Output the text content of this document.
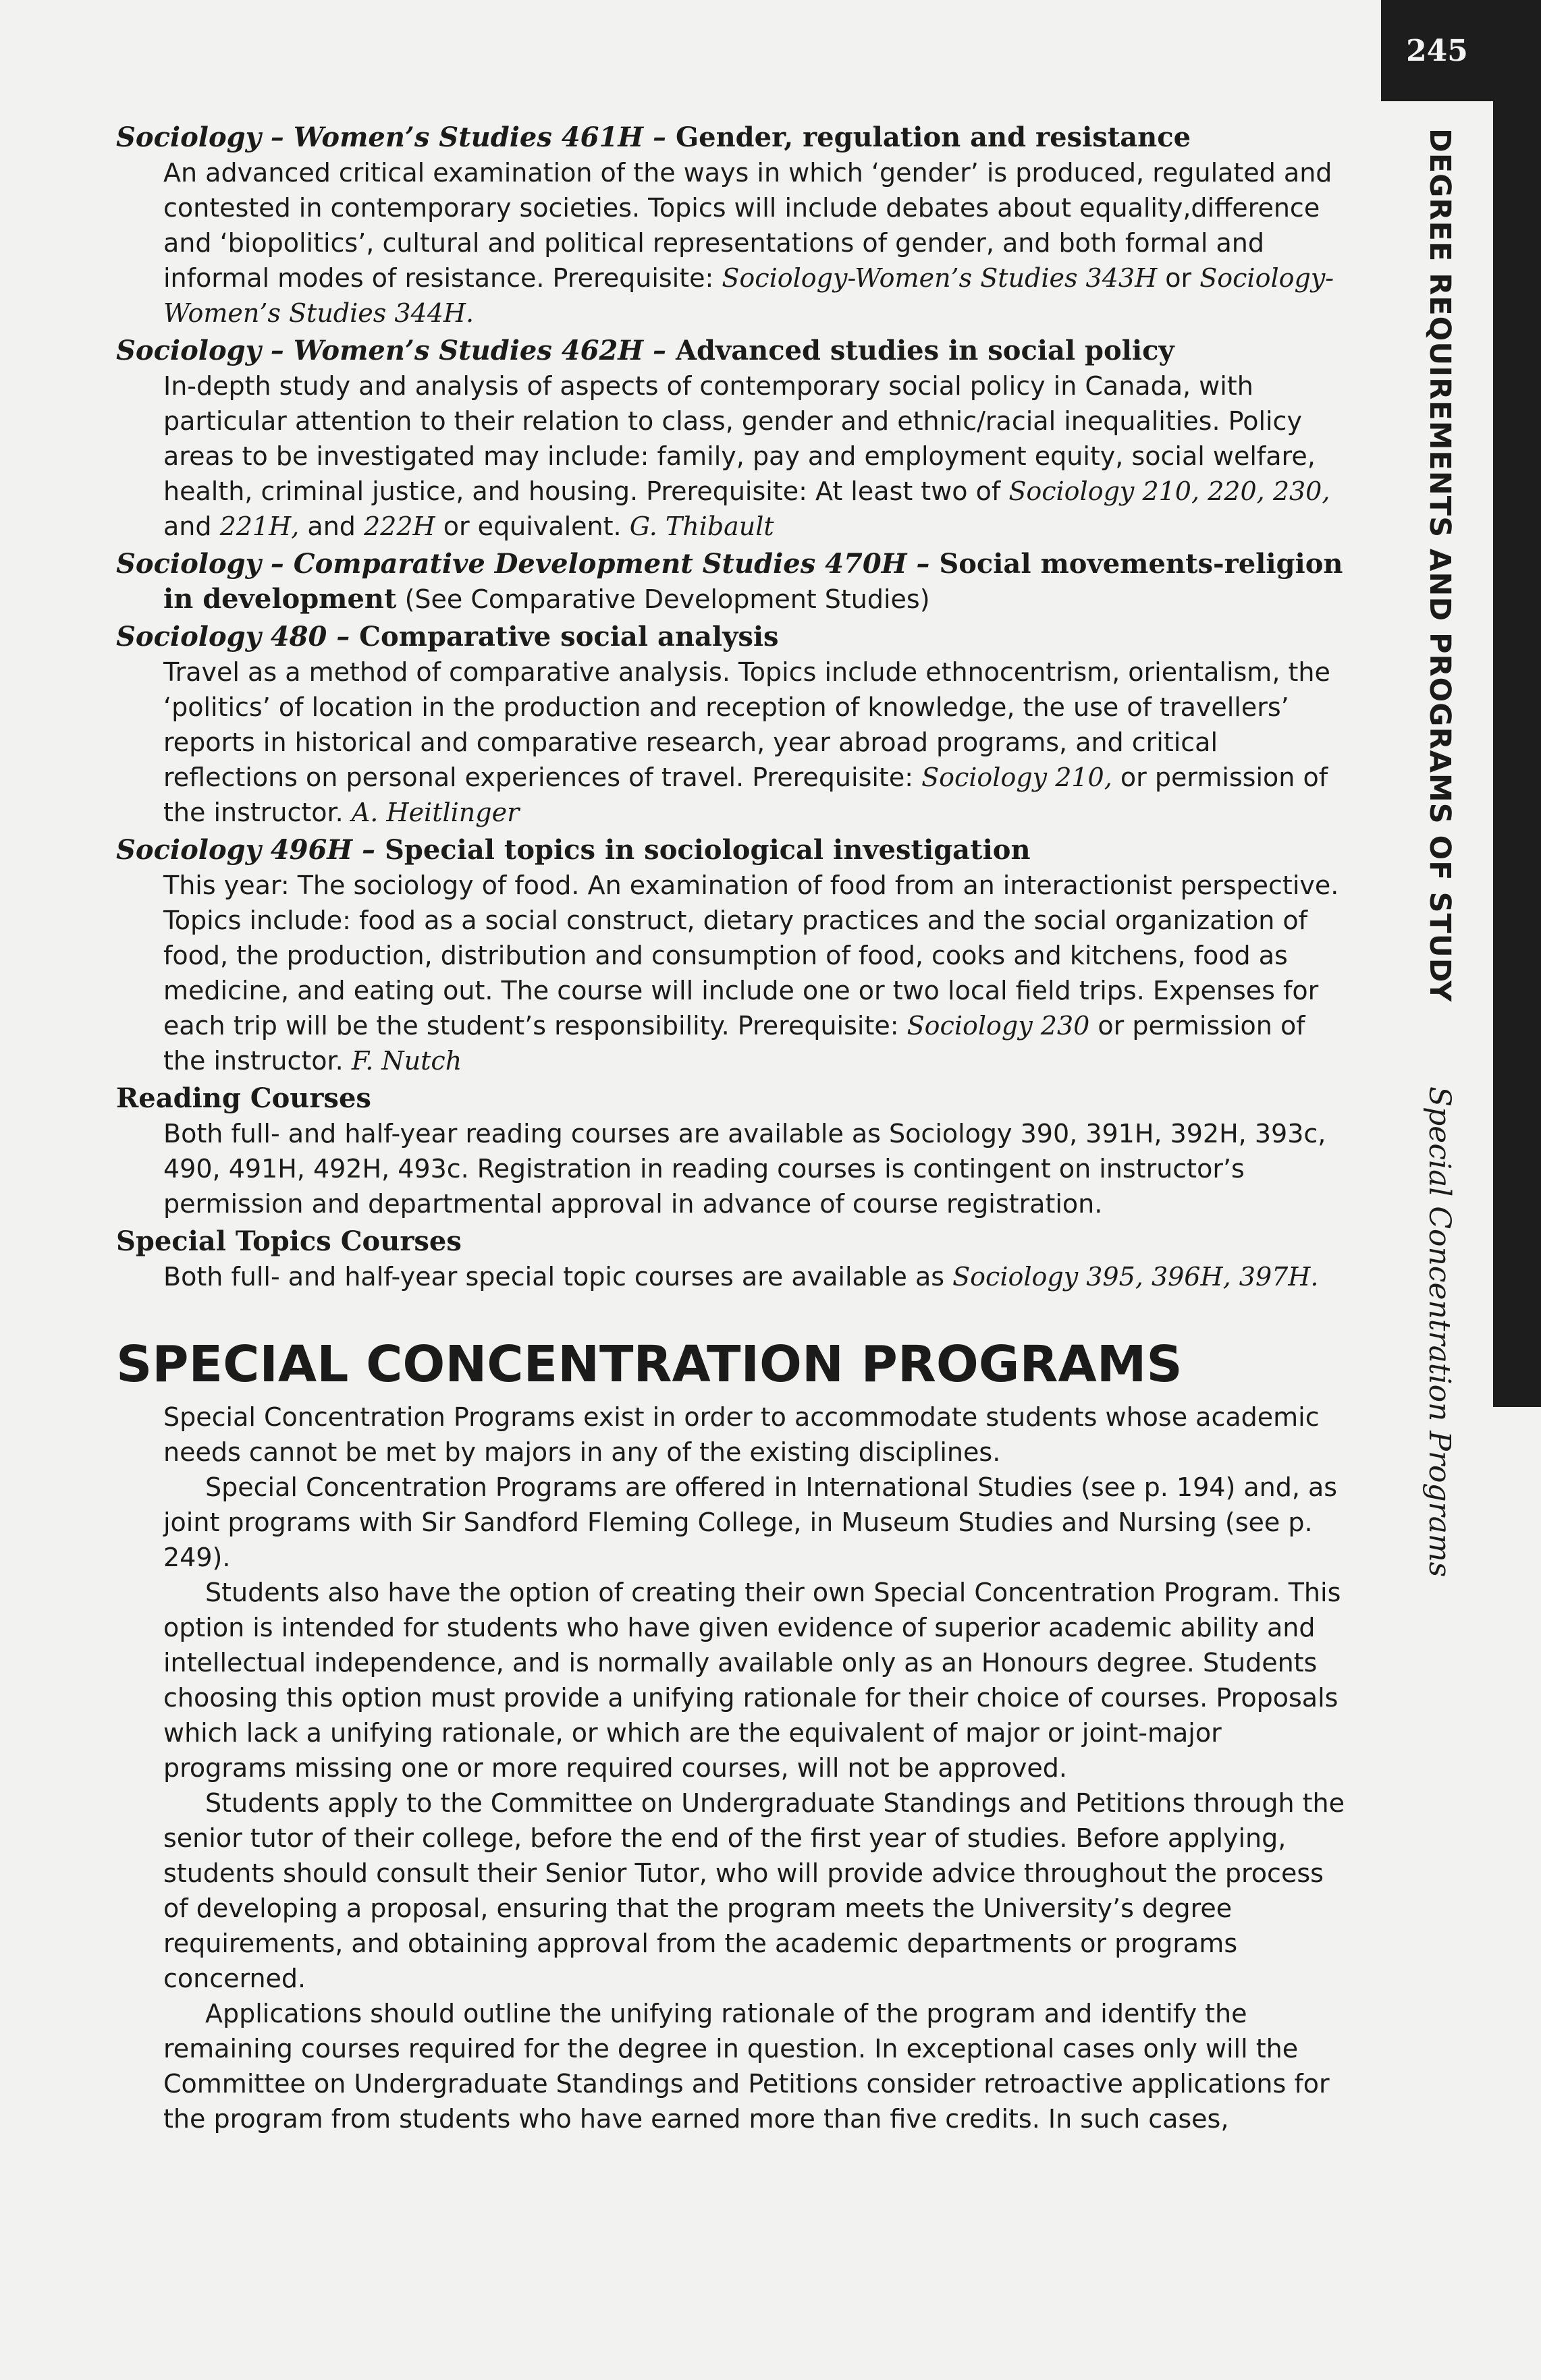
245
DEGREE REQUIREMENTS AND PROGRAMS OF STUDY
Special Concentration Programs
Sociology – Women’s Studies 461H – Gender, regulation and resistance
An advanced critical examination of the ways in which ‘gender’ is produced, regulated and contested in contemporary societies. Topics will include debates about equality,difference and ‘biopolitics’, cultural and political representations of gender, and both formal and informal modes of resistance. Prerequisite: Sociology-Women’s Studies 343H or Sociology-Women’s Studies 344H.
Sociology – Women’s Studies 462H – Advanced studies in social policy
In-depth study and analysis of aspects of contemporary social policy in Canada, with particular attention to their relation to class, gender and ethnic/racial inequalities. Policy areas to be investigated may include: family, pay and employment equity, social welfare, health, criminal justice, and housing. Prerequisite: At least two of Sociology 210, 220, 230, and 221H, and 222H or equivalent. G. Thibault
Sociology – Comparative Development Studies 470H – Social movements-religion in development (See Comparative Development Studies)
Sociology 480 – Comparative social analysis
Travel as a method of comparative analysis. Topics include ethnocentrism, orientalism, the ‘politics’ of location in the production and reception of knowledge, the use of travellers’ reports in historical and comparative research, year abroad programs, and critical reflections on personal experiences of travel. Prerequisite: Sociology 210, or permission of the instructor. A. Heitlinger
Sociology 496H – Special topics in sociological investigation
This year: The sociology of food. An examination of food from an interactionist perspective. Topics include: food as a social construct, dietary practices and the social organization of food, the production, distribution and consumption of food, cooks and kitchens, food as medicine, and eating out. The course will include one or two local field trips. Expenses for each trip will be the student’s responsibility. Prerequisite: Sociology 230 or permission of the instructor. F. Nutch
Reading Courses
Both full- and half-year reading courses are available as Sociology 390, 391H, 392H, 393c, 490, 491H, 492H, 493c. Registration in reading courses is contingent on instructor’s permission and departmental approval in advance of course registration.
Special Topics Courses
Both full- and half-year special topic courses are available as Sociology 395, 396H, 397H.
SPECIAL CONCENTRATION PROGRAMS
Special Concentration Programs exist in order to accommodate students whose academic needs cannot be met by majors in any of the existing disciplines.
Special Concentration Programs are offered in International Studies (see p. 194) and, as joint programs with Sir Sandford Fleming College, in Museum Studies and Nursing (see p. 249).
Students also have the option of creating their own Special Concentration Program. This option is intended for students who have given evidence of superior academic ability and intellectual independence, and is normally available only as an Honours degree. Students choosing this option must provide a unifying rationale for their choice of courses. Proposals which lack a unifying rationale, or which are the equivalent of major or joint-major programs missing one or more required courses, will not be approved.
Students apply to the Committee on Undergraduate Standings and Petitions through the senior tutor of their college, before the end of the first year of studies. Before applying, students should consult their Senior Tutor, who will provide advice throughout the process of developing a proposal, ensuring that the program meets the University’s degree requirements, and obtaining approval from the academic departments or programs concerned.
Applications should outline the unifying rationale of the program and identify the remaining courses required for the degree in question. In exceptional cases only will the Committee on Undergraduate Standings and Petitions consider retroactive applications for the program from students who have earned more than five credits. In such cases,
